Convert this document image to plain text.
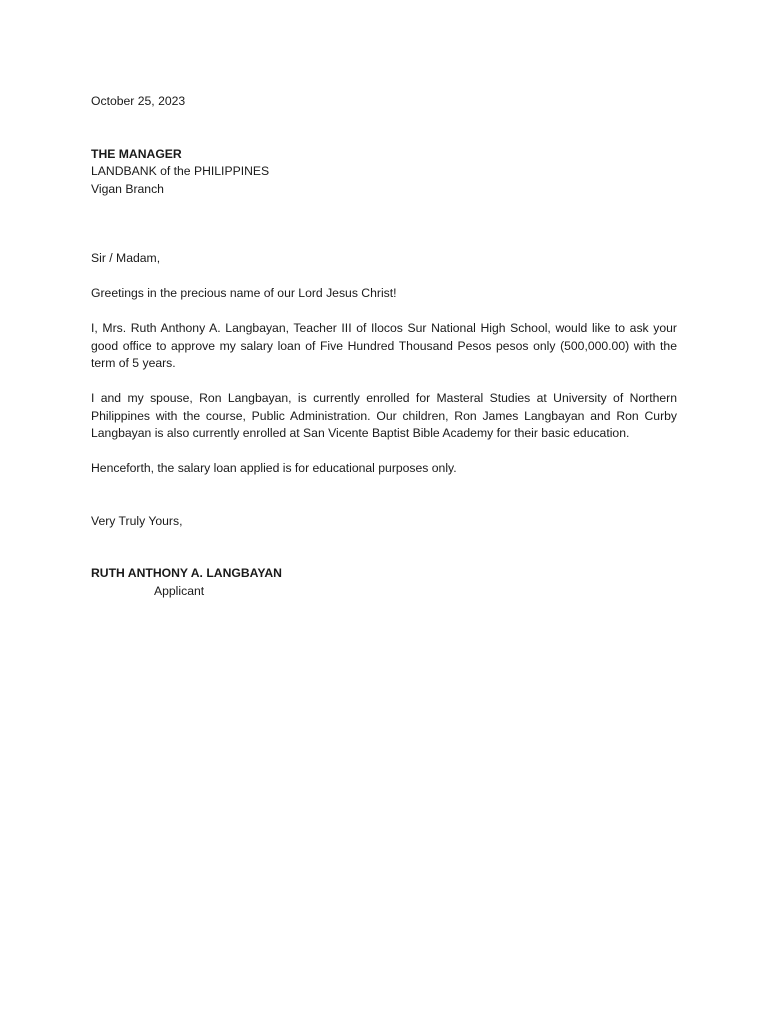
October 25, 2023
THE MANAGER
LANDBANK of the PHILIPPINES
Vigan Branch
Sir / Madam,
Greetings in the precious name of our Lord Jesus Christ!
I, Mrs. Ruth Anthony A. Langbayan, Teacher III of Ilocos Sur National High School, would like to ask your good office to approve my salary loan of Five Hundred Thousand Pesos pesos only (500,000.00) with the term of 5 years.
I and my spouse, Ron Langbayan, is currently enrolled for Masteral Studies at University of Northern Philippines with the course, Public Administration. Our children, Ron James Langbayan and Ron Curby Langbayan is also currently enrolled at San Vicente Baptist Bible Academy for their basic education.
Henceforth, the salary loan applied is for educational purposes only.
Very Truly Yours,
RUTH ANTHONY A. LANGBAYAN
Applicant
